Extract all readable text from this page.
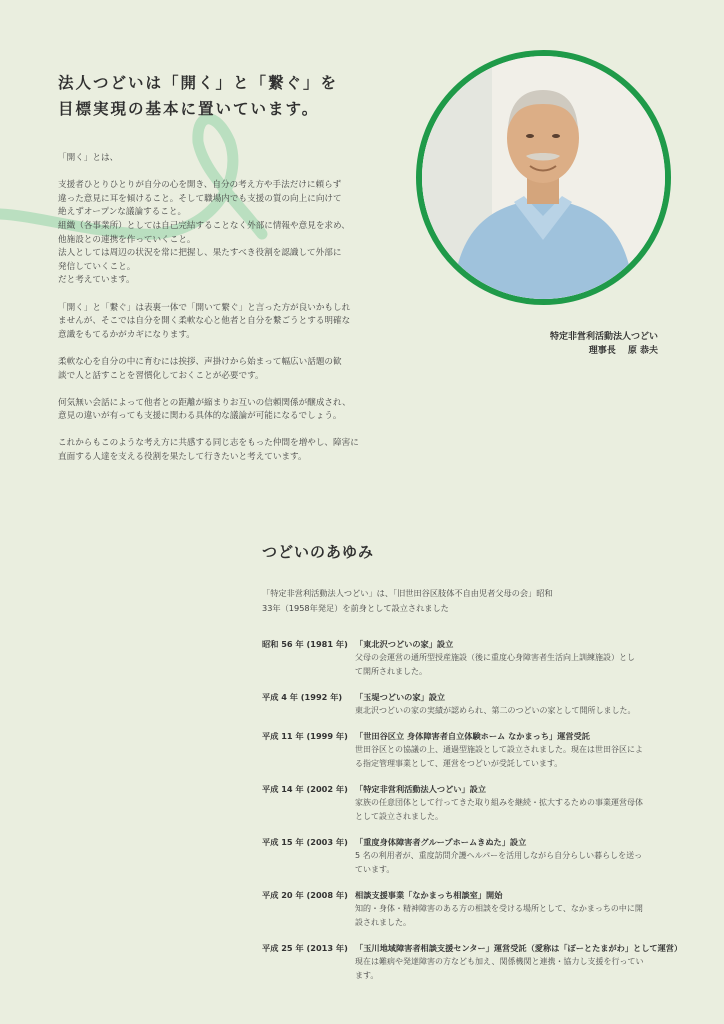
法人つどいは「開く」と「繋ぐ」を
目標実現の基本に置いています。

「開く」とは、

支援者ひとりひとりが自分の心を開き、自分の考え方や手法だけに頼らず
違った意見に耳を傾けること。そして職場内でも支援の質の向上に向けて
絶えずオープンな議論すること。
組織（各事業所）としては自己完結することなく外部に情報や意見を求め、
他施設との連携を作っていくこと。
法人としては周辺の状況を常に把握し、果たすべき役割を認識して外部に
発信していくこと。
だと考えています。

「開く」と「繋ぐ」は表裏一体で「開いて繋ぐ」と言った方が良いかもしれ
ませんが、そこでは自分を開く柔軟な心と他者と自分を繋ごうとする明確な
意識をもてるかがカギになります。

柔軟な心を自分の中に育むには挨拶、声掛けから始まって幅広い話題の歓
談で人と話すことを習慣化しておくことが必要です。

何気無い会話によって他者との距離が縮まりお互いの信頼関係が醸成され、
意見の違いが有っても支援に関わる具体的な議論が可能になるでしょう。

これからもこのような考え方に共感する同じ志をもった仲間を増やし、障害に
直面する人達を支える役割を果たして行きたいと考えています。

特定非営利活動法人つどい
理事長　 原 恭夫
つどいのあゆみ

「特定非営利活動法人つどい」は、「旧世田谷区肢体不自由児者父母の会」昭和
33年（1958年発足）を前身として設立されました

昭和 56 年 (1981 年) 「東北沢つどいの家」設立
父母の会運営の通所型授産施設（後に重度心身障害者生活向上訓練施設）とし
て開所されました。
平成 4 年 (1992 年)	「玉堤つどいの家」設立
東北沢つどいの家の実績が認められ、第二のつどいの家として開所しました。
平成 11 年 (1999 年) 「世田谷区立 身体障害者自立体験ホーム なかまっち」運営受託
世田谷区との協議の上、通過型施設として設立されました。現在は世田谷区によ
る指定管理事業として、運営をつどいが受託しています。
平成 14 年 (2002 年) 「特定非営利活動法人つどい」設立
家族の任意団体として行ってきた取り組みを継続・拡大するための事業運営母体
として設立されました。
平成 15 年 (2003 年) 「重度身体障害者グループホームきぬた」設立
5 名の利用者が、重度訪問介護ヘルパーを活用しながら自分らしい暮らしを送っ
ています。
平成 20 年 (2008 年) 相談支援事業「なかまっち相談室」開始
知的・身体・精神障害のある方の相談を受ける場所として、なかまっちの中に開
設されました。
平成 25 年 (2013 年) 「玉川地域障害者相談支援センター」運営受託（愛称は「ぽーとたまがわ」として運営）
現在は難病や発達障害の方なども加え、関係機関と連携・協力し支援を行ってい
ます。
